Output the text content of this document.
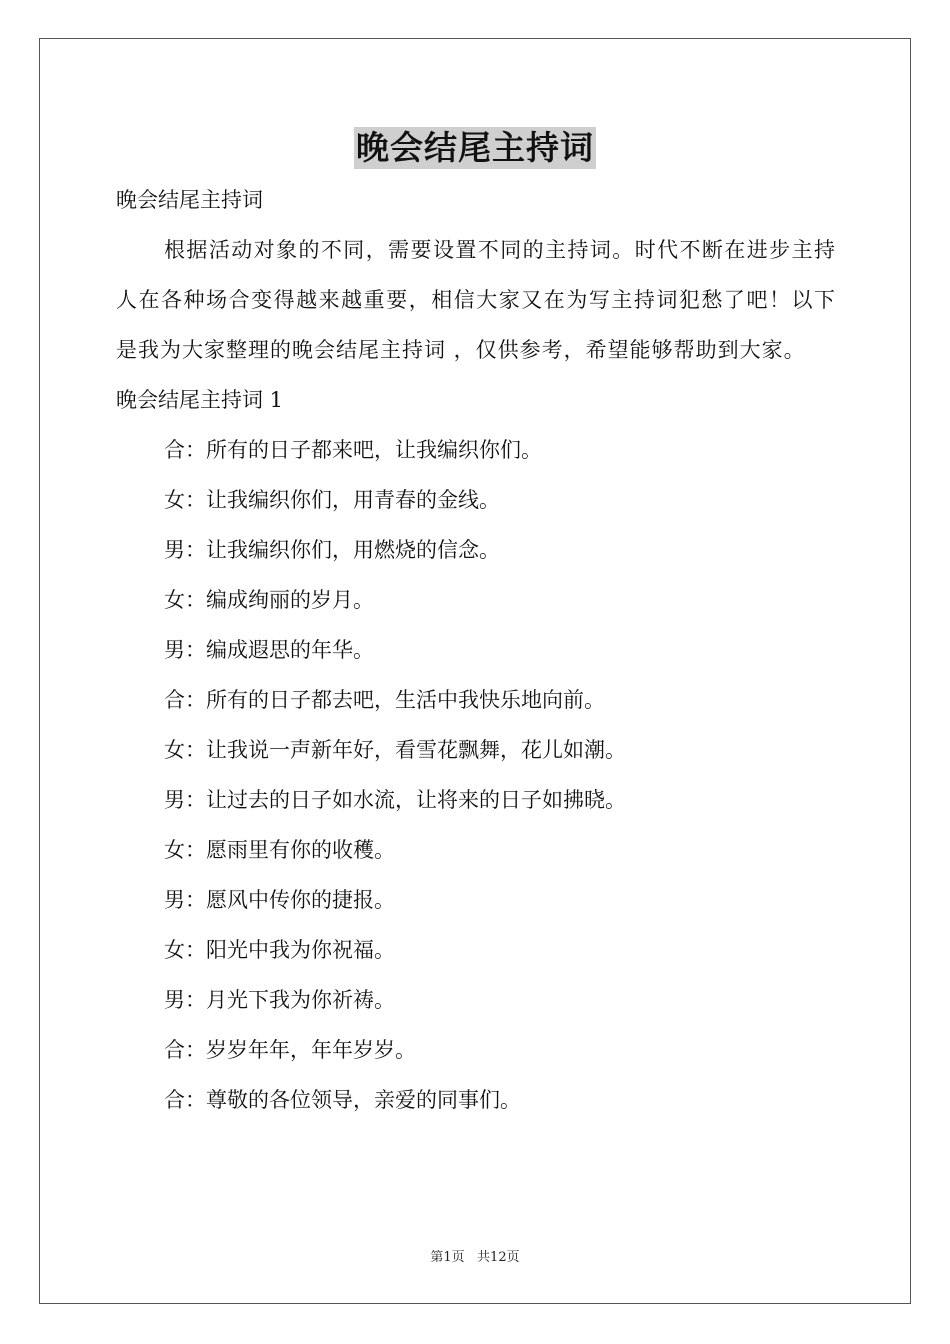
晚会结尾主持词

晚会结尾主持词

根据活动对象的不同，需要设置不同的主持词。时代不断在进步主持人在各种场合变得越来越重要，相信大家又在为写主持词犯愁了吧！以下是我为大家整理的晚会结尾主持词 ，仅供参考，希望能够帮助到大家。

晚会结尾主持词 1

合：所有的日子都来吧，让我编织你们。

女：让我编织你们，用青春的金线。

男：让我编织你们，用燃烧的信念。

女：编成绚丽的岁月。

男：编成遐思的年华。

合：所有的日子都去吧，生活中我快乐地向前。

女：让我说一声新年好，看雪花飘舞，花儿如潮。

男：让过去的日子如水流，让将来的日子如拂晓。

女：愿雨里有你的收穫。

男：愿风中传你的捷报。

女：阳光中我为你祝福。

男：月光下我为你祈祷。

合：岁岁年年，年年岁岁。

合：尊敬的各位领导，亲爱的同事们。

第1页   共12页
